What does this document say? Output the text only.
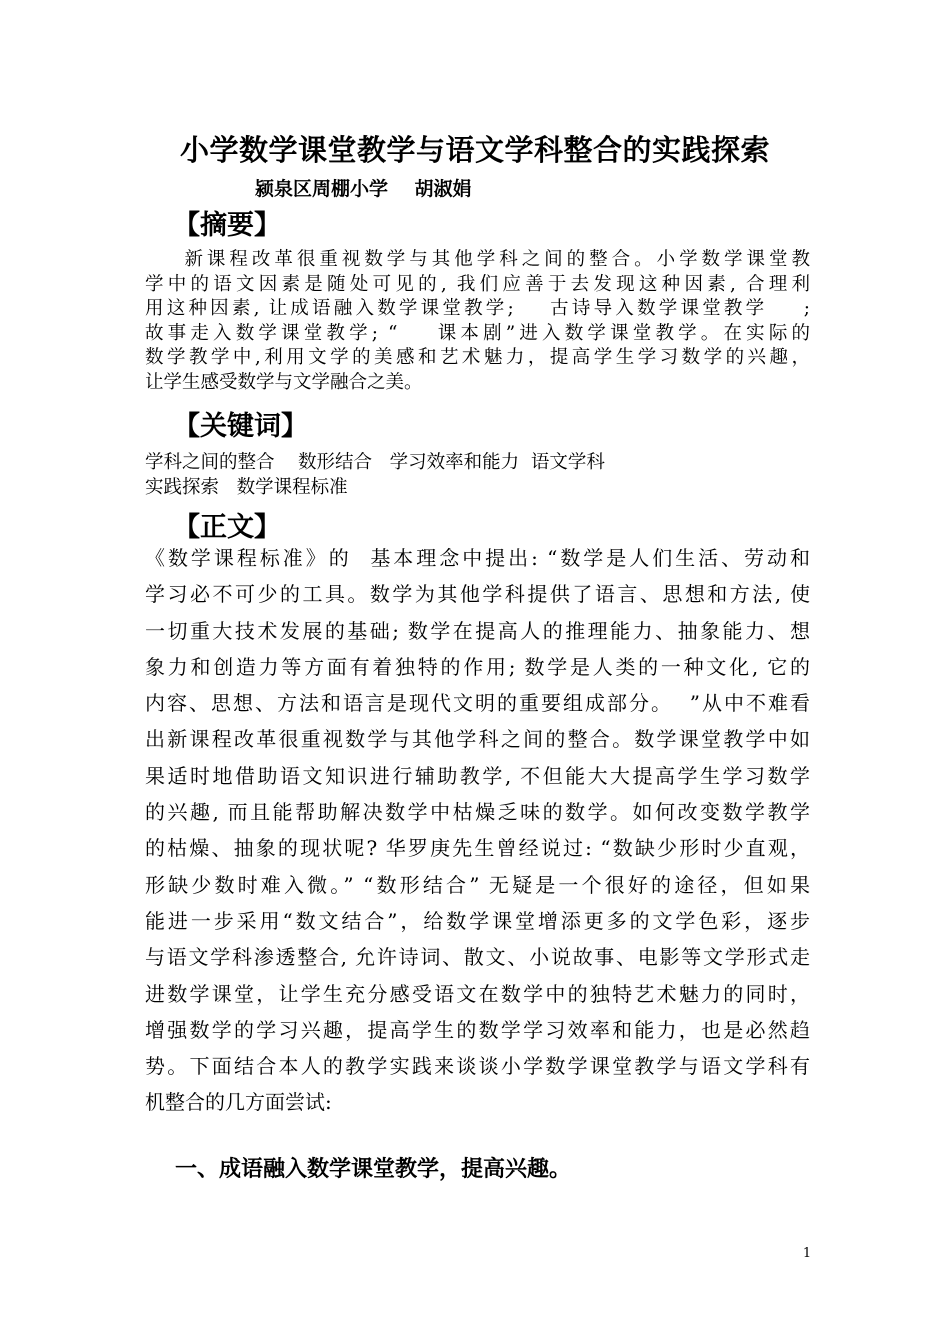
小学数学课堂教学与语文学科整合的实践探索
颍泉区周棚小学    胡淑娟
【摘要】
新课程改革很重视数学与其他学科之间的整合。小学数学课堂教
学中的语文因素是随处可见的, 我们应善于去发现这种因素, 合理利
用这种因素, 让成语融入数学课堂教学;    古诗导入数学课堂教学    ;
故事走入数学课堂教学; “    课本剧”进入数学课堂教学。在实际的
数学教学中,利用文学的美感和艺术魅力，提高学生学习数学的兴趣，
让学生感受数学与文学融合之美。
【关键词】
学科之间的整合    数形结合   学习效率和能力  语文学科
实践探索   数学课程标准
【正文】
《数学课程标准》的  基本理念中提出: “数学是人们生活、劳动和
学习必不可少的工具。数学为其他学科提供了语言、思想和方法, 使
一切重大技术发展的基础; 数学在提高人的推理能力、抽象能力、想
象力和创造力等方面有着独特的作用; 数学是人类的一种文化, 它的
内容、思想、方法和语言是现代文明的重要组成部分。  ”从中不难看
出新课程改革很重视数学与其他学科之间的整合。数学课堂教学中如
果适时地借助语文知识进行辅助教学, 不但能大大提高学生学习数学
的兴趣, 而且能帮助解决数学中枯燥乏味的数学。如何改变数学教学
的枯燥、抽象的现状呢? 华罗庚先生曾经说过: “数缺少形时少直观，
形缺少数时难入微。” “数形结合” 无疑是一个很好的途径，但如果
能进一步采用“数文结合”，给数学课堂增添更多的文学色彩，逐步
与语文学科渗透整合, 允许诗词、散文、小说故事、电影等文学形式走
进数学课堂，让学生充分感受语文在数学中的独特艺术魅力的同时，
增强数学的学习兴趣，提高学生的数学学习效率和能力，也是必然趋
势。下面结合本人的教学实践来谈谈小学数学课堂教学与语文学科有
机整合的几方面尝试:
一、成语融入数学课堂教学，提高兴趣。
1
